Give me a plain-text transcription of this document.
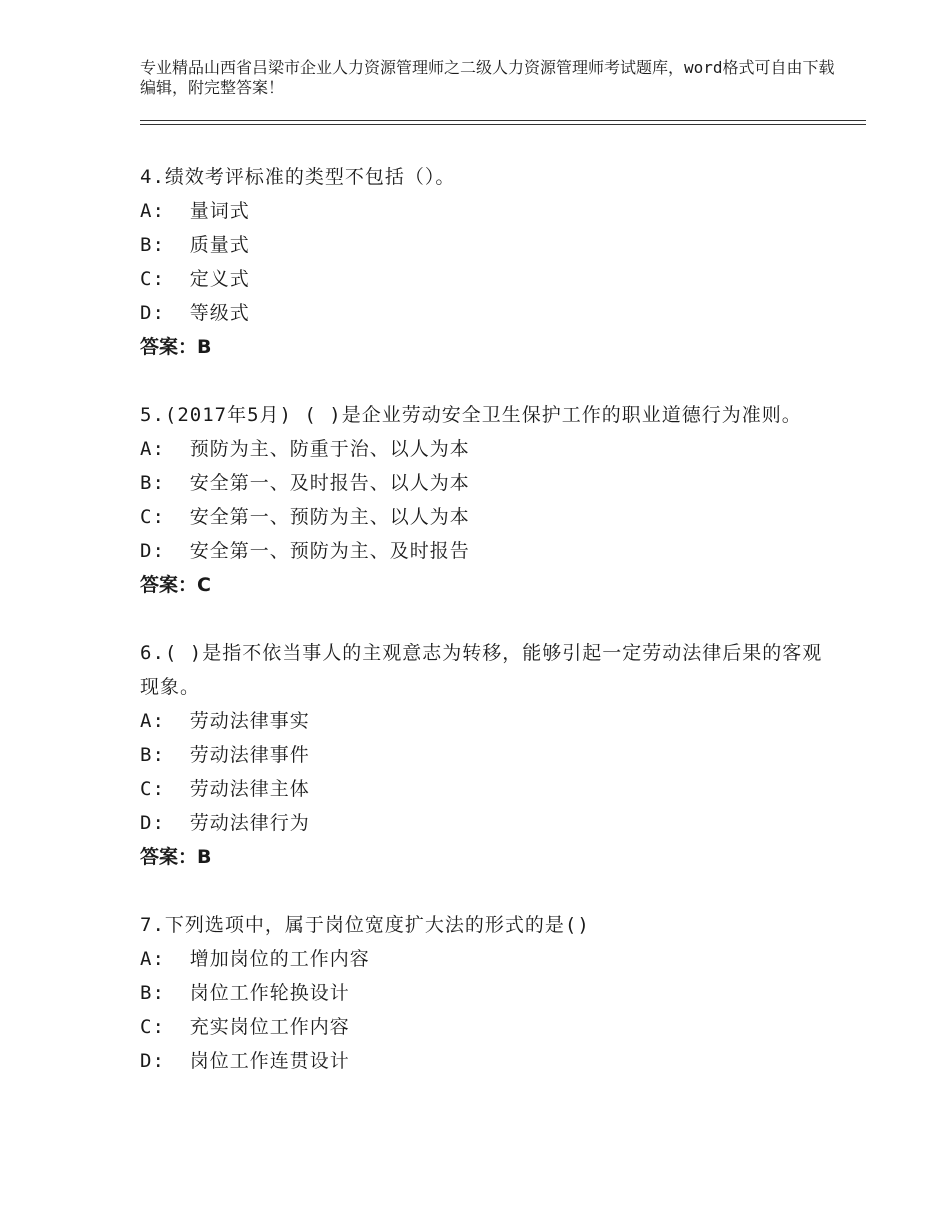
专业精品山西省吕梁市企业人力资源管理师之二级人力资源管理师考试题库，word格式可自由下载编辑，附完整答案！
4.绩效考评标准的类型不包括（）。
A:  量词式
B:  质量式
C:  定义式
D:  等级式
答案：B
5.(2017年5月) ( )是企业劳动安全卫生保护工作的职业道德行为准则。
A:  预防为主、防重于治、以人为本
B:  安全第一、及时报告、以人为本
C:  安全第一、预防为主、以人为本
D:  安全第一、预防为主、及时报告
答案：C
6.( )是指不依当事人的主观意志为转移，能够引起一定劳动法律后果的客观现象。
A:  劳动法律事实
B:  劳动法律事件
C:  劳动法律主体
D:  劳动法律行为
答案：B
7.下列选项中，属于岗位宽度扩大法的形式的是()
A:  增加岗位的工作内容
B:  岗位工作轮换设计
C:  充实岗位工作内容
D:  岗位工作连贯设计
